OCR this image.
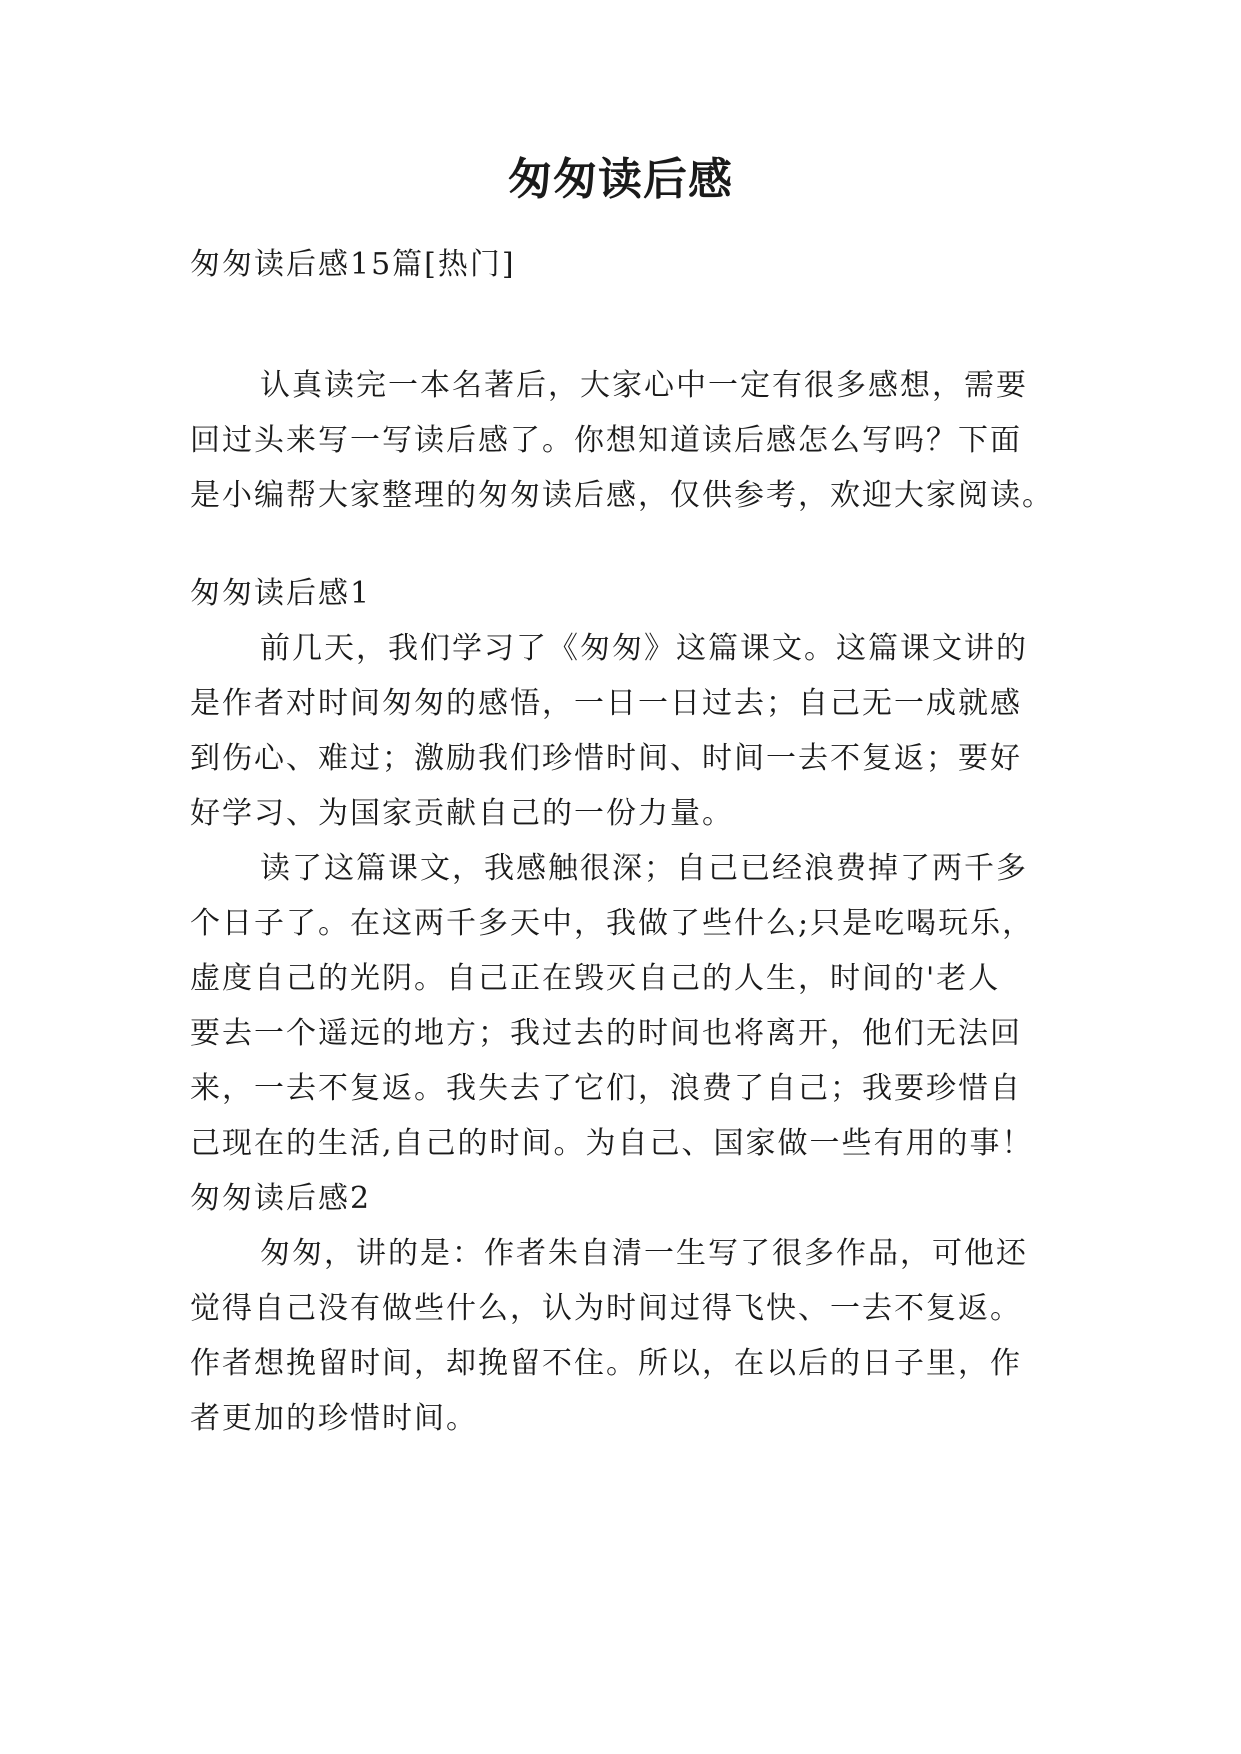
匆匆读后感
匆匆读后感15篇[热门]
认真读完一本名著后，大家心中一定有很多感想，需要
回过头来写一写读后感了。你想知道读后感怎么写吗？下面
是小编帮大家整理的匆匆读后感，仅供参考，欢迎大家阅读。
匆匆读后感1
前几天，我们学习了《匆匆》这篇课文。这篇课文讲的
是作者对时间匆匆的感悟，一日一日过去；自己无一成就感
到伤心、难过；激励我们珍惜时间、时间一去不复返；要好
好学习、为国家贡献自己的一份力量。
读了这篇课文，我感触很深；自己已经浪费掉了两千多
个日子了。在这两千多天中，我做了些什么;只是吃喝玩乐，
虚度自己的光阴。自己正在毁灭自己的人生，时间的'老人
要去一个遥远的地方；我过去的时间也将离开，他们无法回
来，一去不复返。我失去了它们，浪费了自己；我要珍惜自
己现在的生活,自己的时间。为自己、国家做一些有用的事！
匆匆读后感2
匆匆，讲的是：作者朱自清一生写了很多作品，可他还
觉得自己没有做些什么，认为时间过得飞快、一去不复返。
作者想挽留时间，却挽留不住。所以，在以后的日子里，作
者更加的珍惜时间。
